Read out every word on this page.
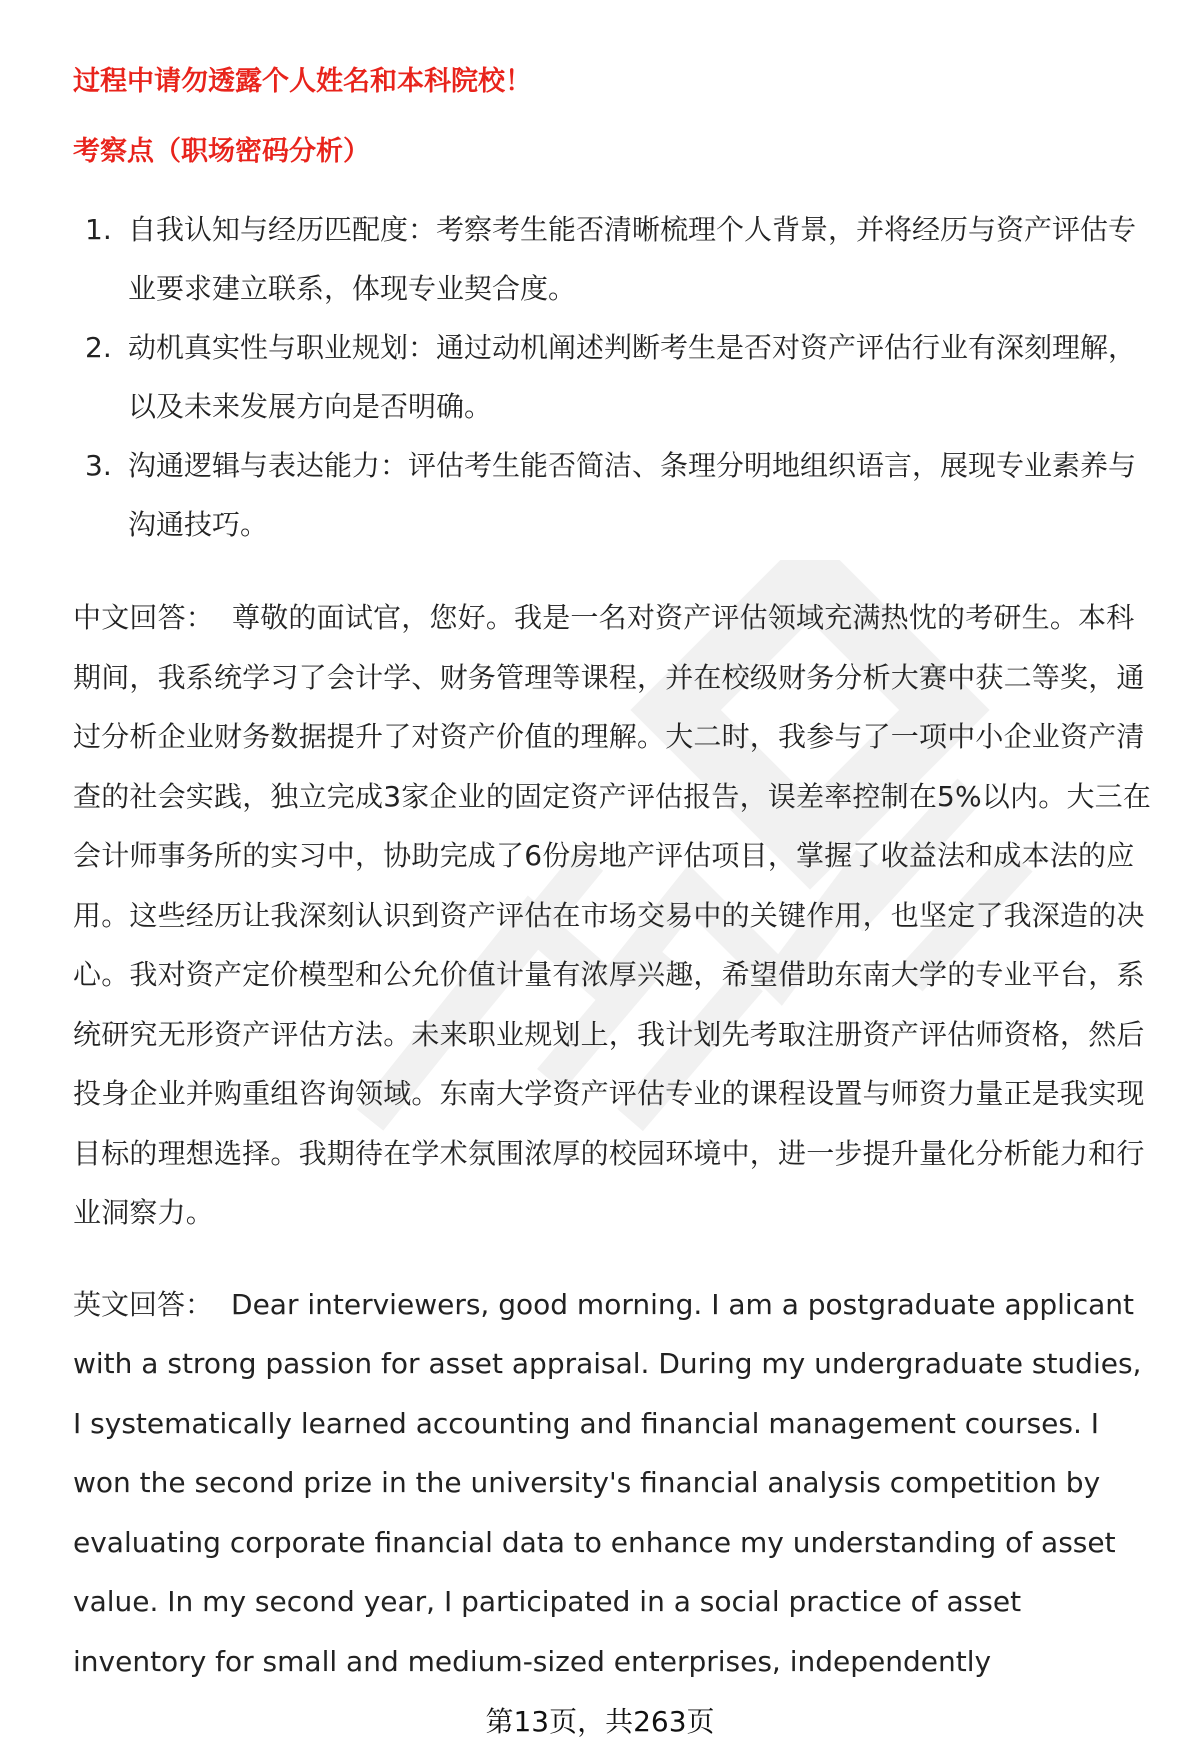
过程中请勿透露个人姓名和本科院校！

考察点（职场密码分析）

1. 自我认知与经历匹配度：考察考生能否清晰梳理个人背景，并将经历与资产评估专业要求建立联系，体现专业契合度。
2. 动机真实性与职业规划：通过动机阐述判断考生是否对资产评估行业有深刻理解，以及未来发展方向是否明确。
3. 沟通逻辑与表达能力：评估考生能否简洁、条理分明地组织语言，展现专业素养与沟通技巧。

中文回答： 尊敬的面试官，您好。我是一名对资产评估领域充满热忱的考研生。本科期间，我系统学习了会计学、财务管理等课程，并在校级财务分析大赛中获二等奖，通过分析企业财务数据提升了对资产价值的理解。大二时，我参与了一项中小企业资产清查的社会实践，独立完成3家企业的固定资产评估报告，误差率控制在5%以内。大三在会计师事务所的实习中，协助完成了6份房地产评估项目，掌握了收益法和成本法的应用。这些经历让我深刻认识到资产评估在市场交易中的关键作用，也坚定了我深造的决心。我对资产定价模型和公允价值计量有浓厚兴趣，希望借助东南大学的专业平台，系统研究无形资产评估方法。未来职业规划上，我计划先考取注册资产评估师资格，然后投身企业并购重组咨询领域。东南大学资产评估专业的课程设置与师资力量正是我实现目标的理想选择。我期待在学术氛围浓厚的校园环境中，进一步提升量化分析能力和行业洞察力。

英文回答： Dear interviewers, good morning. I am a postgraduate applicant with a strong passion for asset appraisal. During my undergraduate studies, I systematically learned accounting and financial management courses. I won the second prize in the university's financial analysis competition by evaluating corporate financial data to enhance my understanding of asset value. In my second year, I participated in a social practice of asset inventory for small and medium-sized enterprises, independently

第13页，共263页
